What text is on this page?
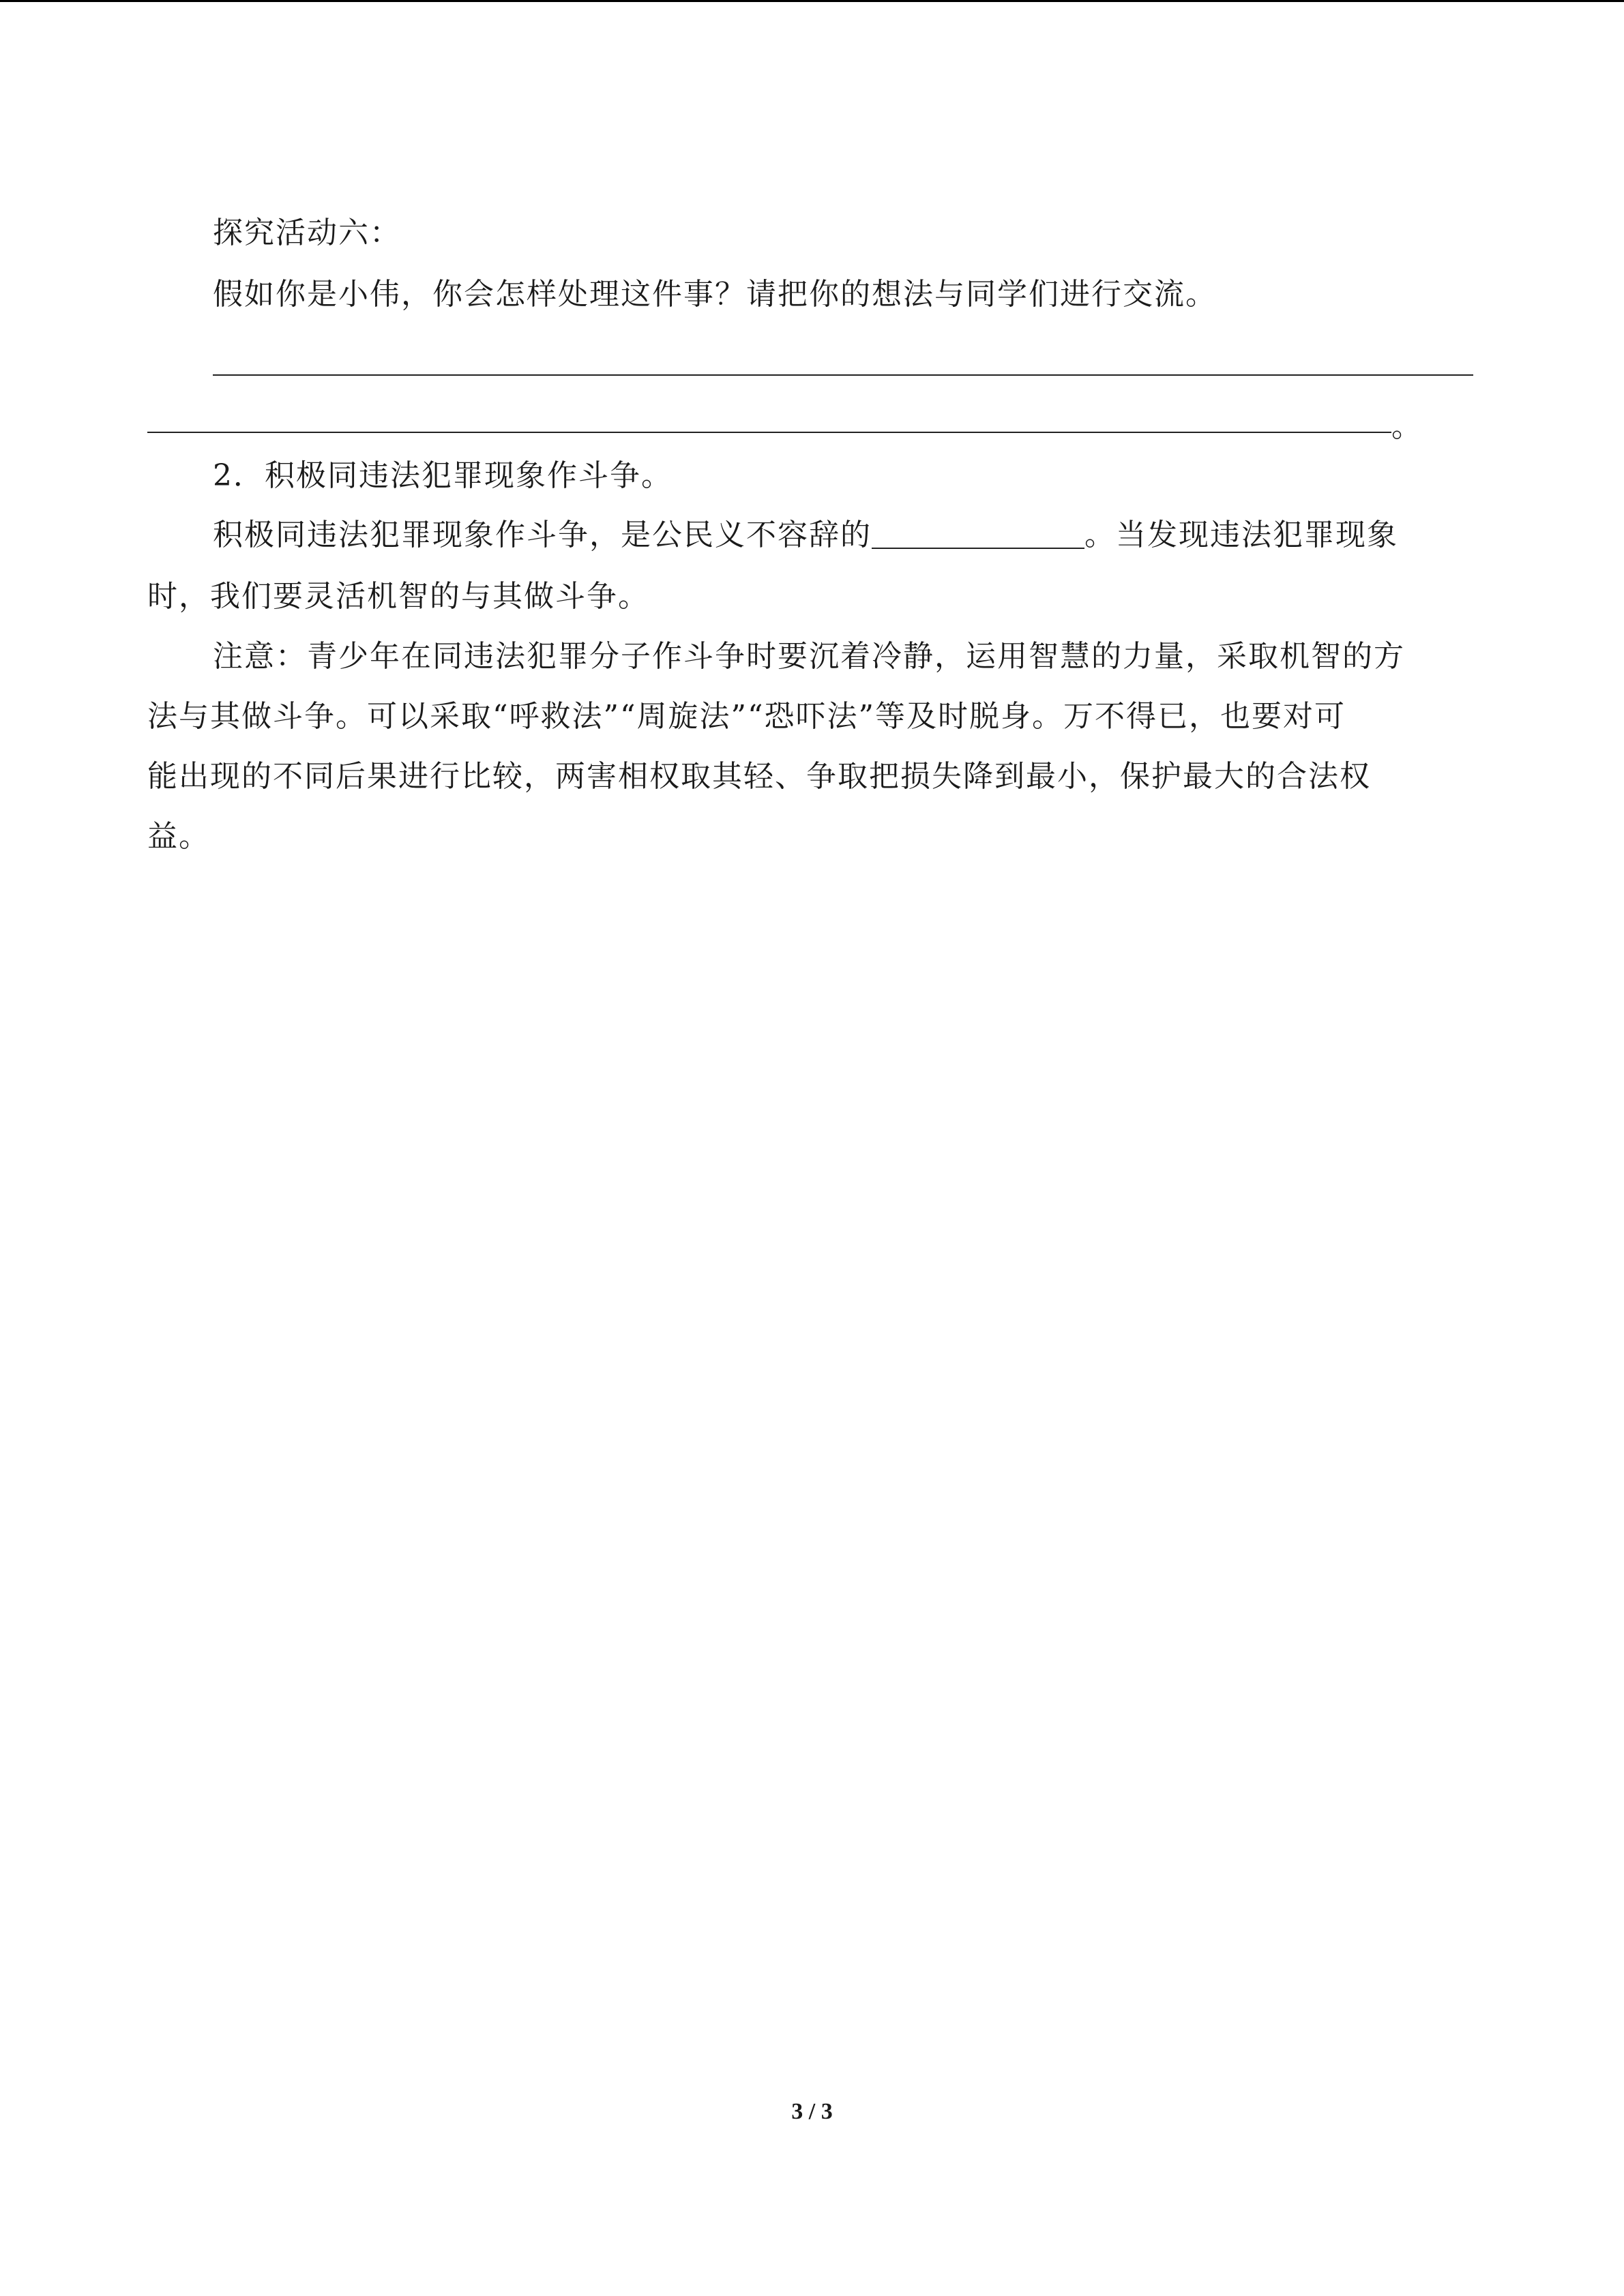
探究活动六：
假如你是小伟，你会怎样处理这件事？请把你的想法与同学们进行交流。
。
2．积极同违法犯罪现象作斗争。
积极同违法犯罪现象作斗争，是公民义不容辞的	。当发现违法犯罪现象
时，我们要灵活机智的与其做斗争。
注意：青少年在同违法犯罪分子作斗争时要沉着冷静，运用智慧的力量，采取机智的方
法与其做斗争。可以采取“呼救法”“周旋法”“恐吓法”等及时脱身。万不得已，也要对可
能出现的不同后果进行比较，两害相权取其轻、争取把损失降到最小，保护最大的合法权
益。
3 / 3
